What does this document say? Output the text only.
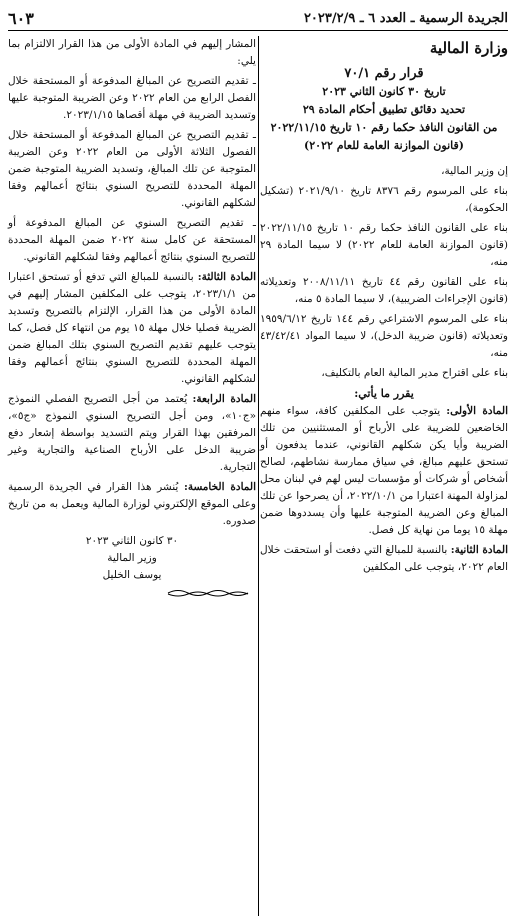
الجريدة الرسمية ـ العدد ٦ ـ ٢٠٢٣/٢/٩
٦٠٣
وزارة المالية

قرار رقم ٧٠/١

تاريخ ٣٠ كانون الثاني ٢٠٢٣

تحديد دقائق تطبيق أحكام المادة ٢٩

من القانون النافذ حكما رقم ١٠ تاريخ ٢٠٢٢/١١/١٥

(قانون الموازنة العامة للعام ٢٠٢٢)

إن وزير المالية،

بناء على المرسوم رقم ٨٣٧٦ تاريخ ٢٠٢١/٩/١٠ (تشكيل الحكومة)،

بناء على القانون النافذ حكما رقم ١٠ تاريخ ٢٠٢٢/١١/١٥ (قانون الموازنة العامة للعام ٢٠٢٢) لا سيما المادة ٢٩ منه،

بناء على القانون رقم ٤٤ تاريخ ٢٠٠٨/١١/١١ وتعديلاته (قانون الإجراءات الضريبية)، لا سيما المادة ٥ منه،

بناء على المرسوم الاشتراعي رقم ١٤٤ تاريخ ١٩٥٩/٦/١٢ وتعديلاته (قانون ضريبة الدخل)، لا سيما المواد ٤٣/٤٢/٤١ منه،

بناء على اقتراح مدير المالية العام بالتكليف،

يقرر ما يأتي:

المادة الأولى: يتوجب على المكلفين كافة، سواء منهم الخاضعين للضريبة على الأرباح أو المستثنيين من تلك الضريبة وأيا يكن شكلهم القانوني، عندما يدفعون أو تستحق عليهم مبالغ، في سياق ممارسة نشاطهم، لصالح أشخاص أو شركات أو مؤسسات ليس لهم في لبنان محل لمزاولة المهنة اعتبارا من ٢٠٢٢/١٠/١، أن يصرحوا عن تلك المبالغ وعن الضريبة المتوجبة عليها وأن يسددوها ضمن مهلة ١٥ يوما من نهاية كل فصل.

المادة الثانية: بالنسبة للمبالغ التي دفعت أو استحقت خلال العام ٢٠٢٢، يتوجب على المكلفين

المشار إليهم في المادة الأولى من هذا القرار الالتزام بما يلي:

ـ تقديم التصريح عن المبالغ المدفوعة أو المستحقة خلال الفصل الرابع من العام ٢٠٢٢ وعن الضريبة المتوجبة عليها وتسديد الضريبة في مهلة أقصاها ٢٠٢٣/١/١٥.

ـ تقديم التصريح عن المبالغ المدفوعة أو المستحقة خلال الفصول الثلاثة الأولى من العام ٢٠٢٢ وعن الضريبة المتوجبة عن تلك المبالغ، وتسديد الضريبة المتوجبة ضمن المهلة المحددة للتصريح السنوي بنتائج أعمالهم وفقا لشكلهم القانوني.

ـ تقديم التصريح السنوي عن المبالغ المدفوعة أو المستحقة عن كامل سنة ٢٠٢٢ ضمن المهلة المحددة للتصريح السنوي بنتائج أعمالهم وفقا لشكلهم القانوني.

المادة الثالثة: بالنسبة للمبالغ التي تدفع أو تستحق اعتبارا من ٢٠٢٣/١/١، يتوجب على المكلفين المشار إليهم في المادة الأولى من هذا القرار، الإلتزام بالتصريح وتسديد الضريبة فصليا خلال مهلة ١٥ يوم من انتهاء كل فصل، كما يتوجب عليهم تقديم التصريح السنوي بتلك المبالغ ضمن المهلة المحددة للتصريح السنوي بنتائج أعمالهم وفقا لشكلهم القانوني.

المادة الرابعة: يُعتمد من أجل التصريح الفصلي النموذج «ج١٠»، ومن أجل التصريح السنوي النموذج «ج٥»، المرفقين بهذا القرار ويتم التسديد بواسطة إشعار دفع ضريبة الدخل على الأرباح الصناعية والتجارية وغير التجارية.

المادة الخامسة: يُنشر هذا القرار في الجريدة الرسمية وعلى الموقع الإلكتروني لوزارة المالية ويعمل به من تاريخ صدوره.

٣٠ كانون الثاني ٢٠٢٣

وزير المالية

يوسف الخليل
